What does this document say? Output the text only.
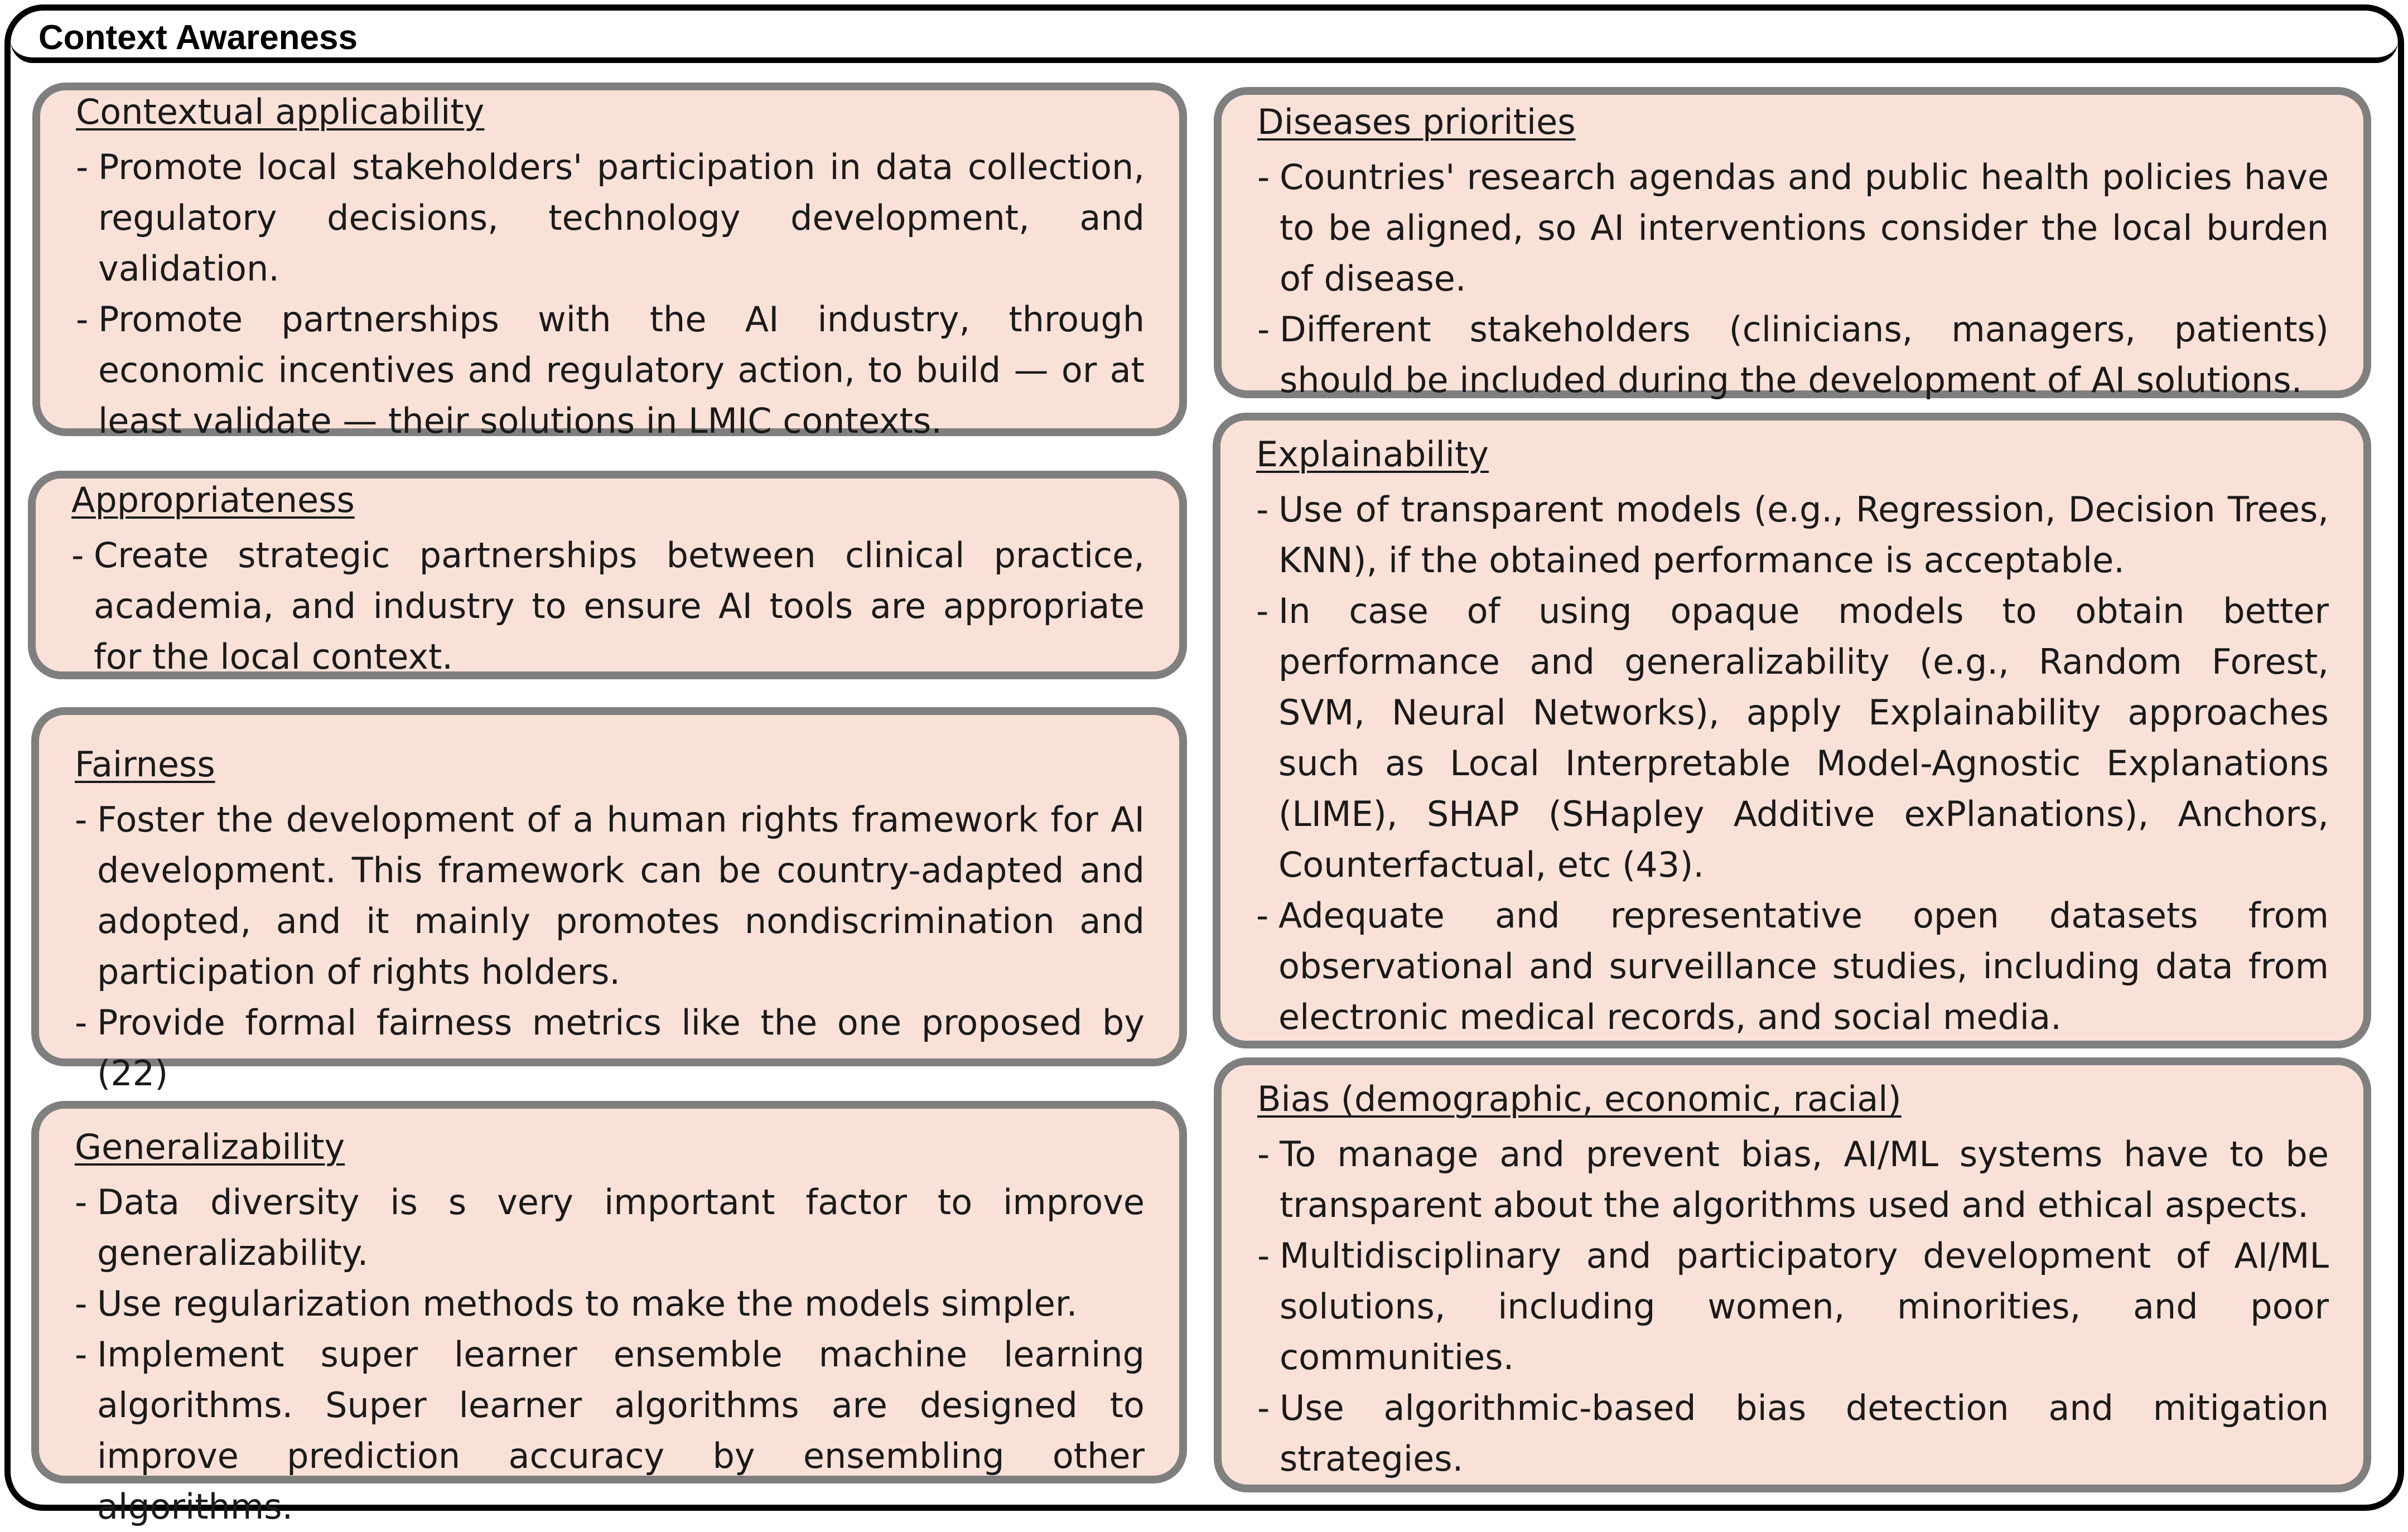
Context Awareness
Contextual applicability
- Promote local stakeholders' participation in data collection, regulatory decisions, technology development, and validation.
- Promote partnerships with the AI industry, through economic incentives and regulatory action, to build — or at least validate — their solutions in LMIC contexts.
Appropriateness
- Create strategic partnerships between clinical practice, academia, and industry to ensure AI tools are appropriate for the local context.
Fairness
- Foster the development of a human rights framework for AI development. This framework can be country-adapted and adopted, and it mainly promotes nondiscrimination and participation of rights holders.
- Provide formal fairness metrics like the one proposed by (22)
Generalizability
- Data diversity is s very important factor to improve generalizability.
- Use regularization methods to make the models simpler.
- Implement super learner ensemble machine learning algorithms. Super learner algorithms are designed to improve prediction accuracy by ensembling other algorithms.
Diseases priorities
- Countries' research agendas and public health policies have to be aligned, so AI interventions consider the local burden of disease.
- Different stakeholders (clinicians, managers, patients) should be included during the development of AI solutions.
Explainability
- Use of transparent models (e.g., Regression, Decision Trees, KNN), if the obtained performance is acceptable.
- In case of using opaque models to obtain better performance and generalizability (e.g., Random Forest, SVM, Neural Networks), apply Explainability approaches such as Local Interpretable Model-Agnostic Explanations (LIME), SHAP (SHapley Additive exPlanations), Anchors, Counterfactual, etc (43).
- Adequate and representative open datasets from observational and surveillance studies, including data from electronic medical records, and social media.
Bias (demographic, economic, racial)
- To manage and prevent bias, AI/ML systems have to be transparent about the algorithms used and ethical aspects.
- Multidisciplinary and participatory development of AI/ML solutions, including women, minorities, and poor communities.
- Use algorithmic-based bias detection and mitigation strategies.
